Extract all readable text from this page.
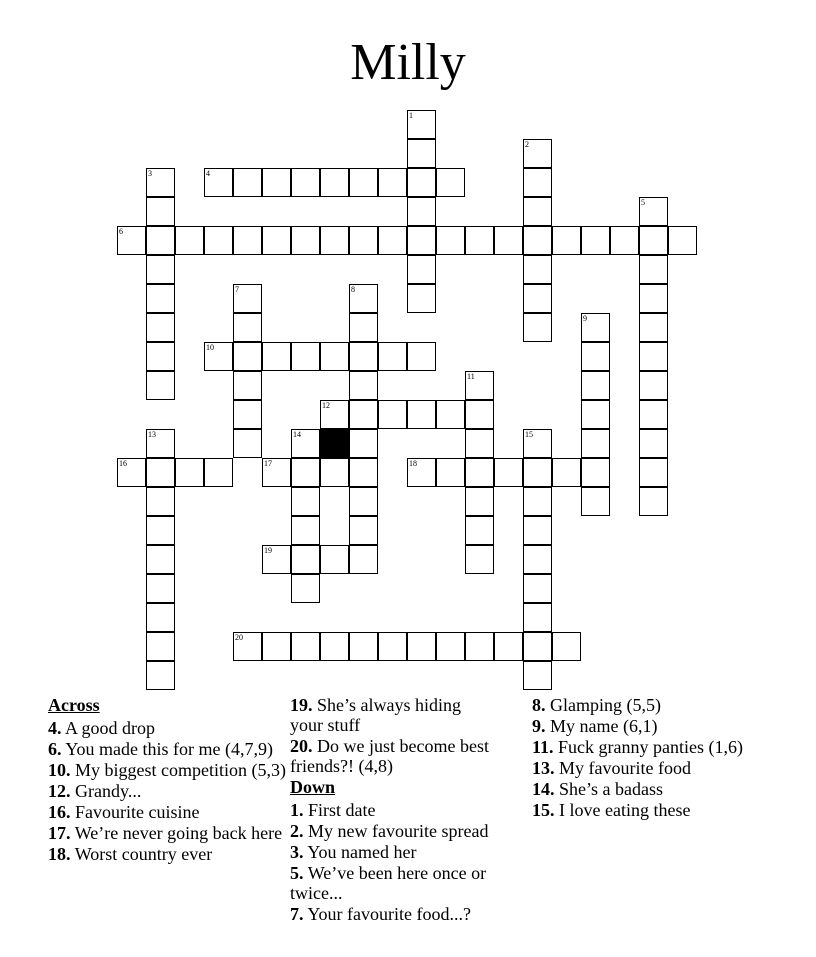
Milly
1
2
3	4
5
6
7	8
9
10
11
12
13	14	15
16	17	18
19
20
Across
4. A good drop
6. You made this for me (4,7,9)
10. My biggest competition (5,3)
12. Grandy...
16. Favourite cuisine
17. We’re never going back here
18. Worst country ever
19. She’s always hiding your stuff
20. Do we just become best friends?! (4,8)
Down
1. First date
2. My new favourite spread
3. You named her
5. We’ve been here once or twice...
7. Your favourite food...?
8. Glamping (5,5)
9. My name (6,1)
11. Fuck granny panties (1,6)
13. My favourite food
14. She’s a badass
15. I love eating these
